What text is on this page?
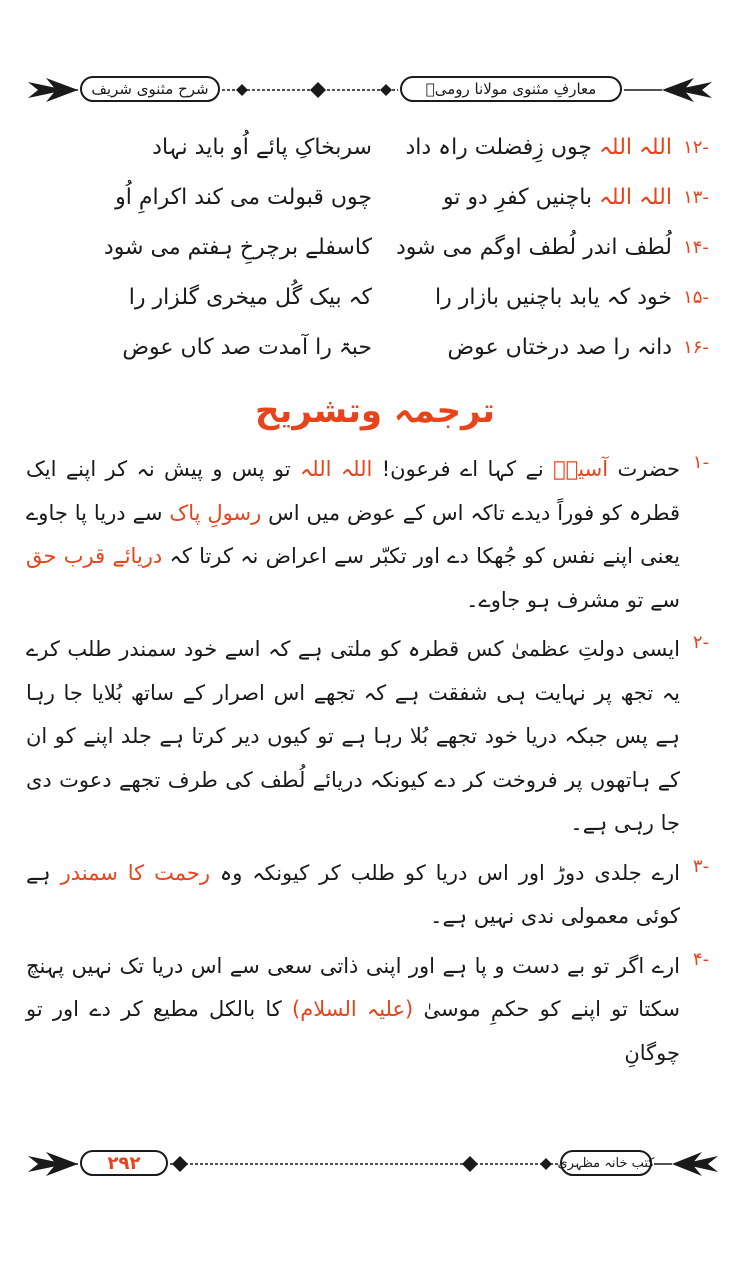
معارفِ مثنوی مولانا رومیؒ
شرح مثنوی شریف
۱۲-
اللہ اللہ چوں زِفضلت راہ داد
سربخاکِ پائے اُو باید نہاد
۱۳-
اللہ اللہ باچنیں کفرِ دو تو
چوں قبولت می کند اکرامِ اُو
۱۴-
لُطف اندر لُطف اوگم می شود
کاسفلے برچرخِ ہفتم می شود
۱۵-
خود کہ یابد باچنیں بازار را
کہ بیک گُل میخری گلزار را
۱۶-
دانہ را صد درختاں عوض
حبۃ را آمدت صد کاں عوض
ترجمہ وتشریح
۱-
حضرت آسیہؓ نے کہا اے فرعون! اللہ اللہ تو پس و پیش نہ کر اپنے ایک قطرہ کو فوراً دیدے تاکہ اس کے عوض میں اس رسولِ پاک سے دریا پا جاوے یعنی اپنے نفس کو جُھکا دے اور تکبّر سے اعراض نہ کرتا کہ دریائے قرب حق سے تو مشرف ہو جاوے۔
۲-
ایسی دولتِ عظمیٰ کس قطرہ کو ملتی ہے کہ اسے خود سمندر طلب کرے یہ تجھ پر نہایت ہی شفقت ہے کہ تجھے اس اصرار کے ساتھ بُلایا جا رہا ہے پس جبکہ دریا خود تجھے بُلا رہا ہے تو کیوں دیر کرتا ہے جلد اپنے کو ان کے ہاتھوں پر فروخت کر دے کیونکہ دریائے لُطف کی طرف تجھے دعوت دی جا رہی ہے۔
۳-
ارے جلدی دوڑ اور اس دریا کو طلب کر کیونکہ وہ رحمت کا سمندر ہے کوئی معمولی ندی نہیں ہے۔
۴-
ارے اگر تو بے دست و پا ہے اور اپنی ذاتی سعی سے اس دریا تک نہیں پہنچ سکتا تو اپنے کو حکمِ موسیٰ (علیہ السلام) کا بالکل مطیع کر دے اور تو چوگانِ
کتب خانہ مظہری
۲۹۲
